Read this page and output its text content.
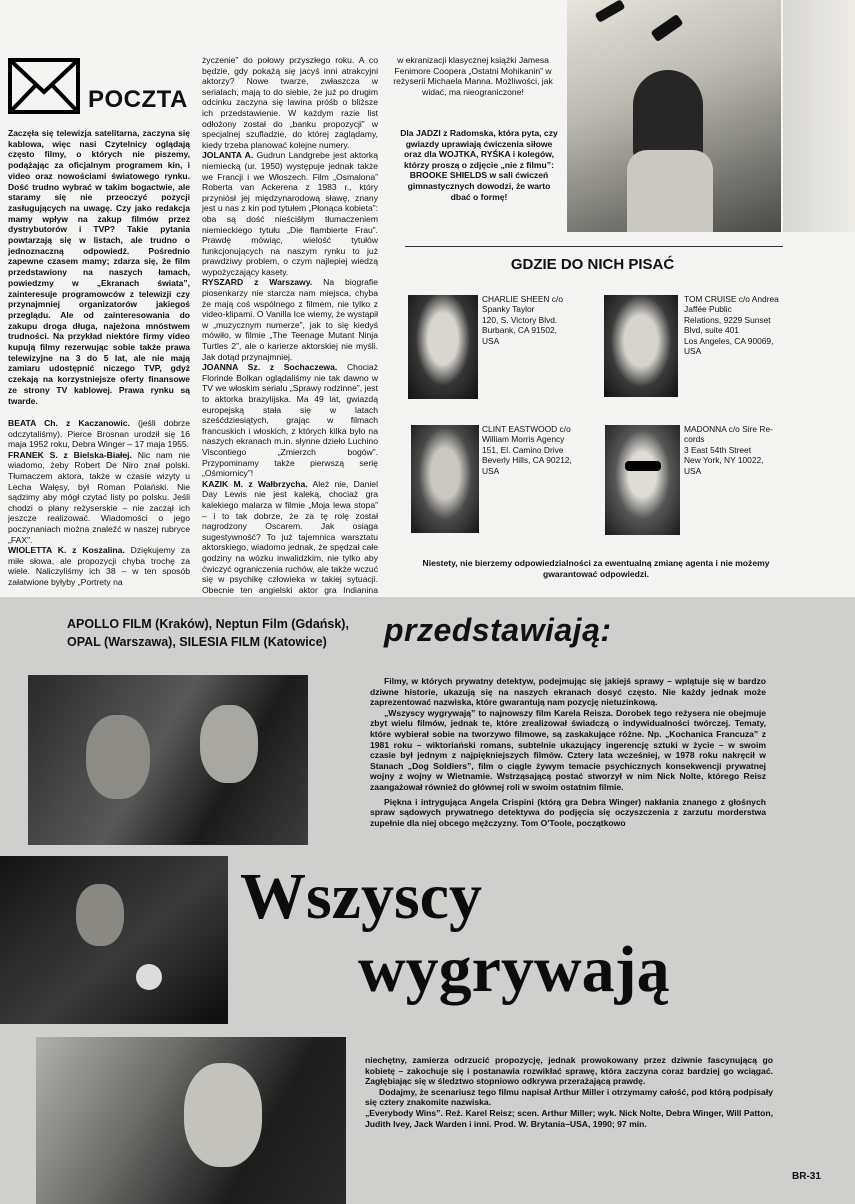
POCZTA

Zaczęła się telewizja satelitarna, zaczyna się kablowa, więc nasi Czytelnicy oglądają często filmy, o których nie piszemy, podążając za oficjalnym programem kin, i video oraz nowościami światowego rynku. Dość trudno wybrać w takim bogactwie, ale staramy się nie przeoczyć pozycji zasługujących na uwagę. Czy jako redakcja mamy wpływ na zakup filmów przez dystrybutorów i TVP? Takie pytania powtarzają się w listach, ale trudno o jednoznaczną odpowiedź. Pośrednio zapewne czasem mamy; zdarza się, że film przedstawiony na naszych łamach, powiedzmy w „Ekranach świata”, zainteresuje programowców z telewizji czy przynajmniej organizatorów jakiegoś przeglądu. Ale od zainteresowania do zakupu droga długa, najeżona mnóstwem trudności. Na przykład niektóre firmy video kupują filmy rezerwując sobie także prawa telewizyjne na 3 do 5 lat, ale nie mają zamiaru udostępnić niczego TVP, gdyż czekają na korzystniejsze oferty finansowe ze strony TV kablowej. Prawa rynku są twarde.

BEATA Ch. z Kaczanowic. (jeśli dobrze odczytaliśmy). Pierce Brosnan urodził się 16 maja 1952 roku, Debra Winger – 17 maja 1955.

FRANEK S. z Bielska-Białej. Nic nam nie wiadomo, żeby Robert De Niro znał polski. Tłumaczem aktora, także w czasie wizyty u Lecha Wałęsy, był Roman Polański. Nie sądzimy aby mógł czytać listy po polsku. Jeśli chodzi o plany reżyserskie – nie zaczął ich jeszcze realizować. Wiadomości o jego poczynaniach można znaleźć w naszej rubryce „FAX”.

WIOLETTA K. z Koszalina. Dziękujemy za miłe słowa, ale propozycji chyba trochę za wiele. Naliczyliśmy ich 38 – w ten sposób załatwione byłyby „Portrety na

życzenie” do połowy przyszłego roku. A co będzie, gdy pokażą się jacyś inni atrakcyjni aktorzy? Nowe twarze, zwłaszcza w serialach, mają to do siebie, że już po drugim odcinku zaczyna się lawina próśb o bliższe ich przedstawienie. W każdym razie list odłożony został do „banku propozycji” w specjalnej szufladzie, do której zaglądamy, kiedy trzeba planować kolejne numery.

JOLANTA A. Gudrun Landgrebe jest aktorką niemiecką (ur. 1950) występuje jednak także we Francji i we Włoszech. Film „Osmalona” Roberta van Ackerena z 1983 r., który przyniósł jej międzynarodową sławę, znany jest u nas z kin pod tytułem „Płonąca kobieta”: oba są dość nieściśłym tłumaczeniem niemieckiego tytułu „Die flambierte Frau”. Prawdę mówiąc, wielość tytułów funkcjonujących na naszym rynku to już prawdziwy problem, o czym najlepiej wiedzą wypożyczający kasety.

RYSZARD z Warszawy. Na biografie piosenkarzy nie starcza nam miejsca, chyba że mają coś wspólnego z filmem, nie tylko z video-klipami. O Vanilla Ice wiemy, że wystąpił w „muzycznym numerze”, jak to się kiedyś mówiło, w filmie „The Teenage Mutant Ninja Turtles 2”, ale o karierze aktorskiej nie myśli. Jak dotąd przynajmniej.

JOANNA Sz. z Sochaczewa. Chociaż Florinde Bolkan oglądaliśmy nie tak dawno w TV we włoskim serialu „Sprawy rodzinne”, jest to aktorka brazylijska. Ma 49 lat, gwiazdą europejską stała się w latach sześćdziesiątych, grając w filmach francuskich i włoskich, z których kilka było na naszych ekranach m.in. słynne dzieło Luchino Viscontiego „Zmierzch bogów”. Przypominamy także pierwszą serię „Ośmiornicy”!

KAZIK M. z Wałbrzycha. Ależ nie, Daniel Day Lewis nie jest kaleką, chociaż gra kalekiego malarza w filmie „Moja lewa stopa” – i to tak dobrze, że za tę rolę został nagrodzony Oscarem. Jak osiąga sugestywność? To już tajemnica warsztatu aktorskiego, wiadomo jednak, że spędzał całe godziny na wózku inwalidzkim, nie tylko aby ćwiczyć ograniczenia ruchów, ale także wczuć się w psychikę człowieka w takiej sytuacji. Obecnie ten angielski aktor gra Indianina

w ekranizacji klasycznej książki Jamesa Fenimore Coopera „Ostatni Mohikanin” w reżyserii Michaela Manna. Możliwości, jak widać, ma nieograniczone!

Dla JADZI z Radomska, która pyta, czy gwiazdy uprawiają ćwiczenia siłowe oraz dla WOJTKA, RYŚKA i kolegów, którzy proszą o zdjęcie „nie z filmu”: BROOKE SHIELDS w sali ćwiczeń gimnastycznych dowodzi, że warto dbać o formę!

GDZIE DO NICH PISAĆ
CHARLIE SHEEN c/o
Spanky Taylor
120, S. Victory Blvd.
Burbank, CA 91502,
USA
TOM CRUISE c/o Andrea Jaffée Public
Relations, 9229 Sunset
Blvd, suite 401
Los Angeles, CA 90069,
USA
CLINT EASTWOOD c/o
William Morris Agency
151, El. Camino Drive
Beverly Hills, CA 90212,
USA
MADONNA c/o Sire Re-
cords
3 East 54th Street
New York, NY 10022,
USA

Niestety, nie bierzemy odpowiedzialności za ewentualną zmianę agenta i nie możemy gwarantować odpowiedzi.

APOLLO FILM (Kraków), Neptun Film (Gdańsk),
OPAL (Warszawa), SILESIA FILM (Katowice) przedstawiają:

Filmy, w których prywatny detektyw, podejmując się jakiejś sprawy – wplątuje się w bardzo dziwne historie, ukazują się na naszych ekranach dosyć często. Nie każdy jednak może zaprezentować nazwiska, które gwarantują nam pozycję nietuzinkową.

„Wszyscy wygrywają” to najnowszy film Karela Reisza. Dorobek tego reżysera nie obejmuje zbyt wielu filmów, jednak te, które zrealizował świadczą o indywidualności twórczej. Tematy, które wybierał sobie na tworzywo filmowe, są zaskakujące różne. Np. „Kochanica Francuza” z 1981 roku – wiktoriański romans, subtelnie ukazujący ingerencję sztuki w życie – w swoim czasie był jednym z najpiękniejszych filmów. Cztery lata wcześniej, w 1978 roku nakręcił w Stanach „Dog Soldiers”, film o ciągle żywym temacie psychicznych konsekwencji prywatnej wojny z wojny w Wietnamie. Wstrząsającą postać stworzył w nim Nick Nolte, którego Reisz zaangażował również do głównej roli w swoim ostatnim filmie.

Piękna i intrygująca Angela Crispini (którą gra Debra Winger) nakłania znanego z głośnych spraw sądowych prywatnego detektywa do podjęcia się oczyszczenia z zarzutu morderstwa zupełnie dla niej obcego mężczyzny. Tom O'Toole, początkowo

Wszyscy
wygrywają

niechętny, zamierza odrzucić propozycję, jednak prowokowany przez dziwnie fascynującą go kobietę – zakochuje się i postanawia rozwikłać sprawę, która zaczyna coraz bardziej go wciągać. Zagłębiając się w śledztwo stopniowo odkrywa przerażającą prawdę.

Dodajmy, że scenariusz tego filmu napisał Arthur Miller i otrzymamy całość, pod którą podpisały się cztery znakomite nazwiska.

„Everybody Wins”. Reż. Karel Reisz; scen. Arthur Miller; wyk. Nick Nolte, Debra Winger, Will Patton, Judith Ivey, Jack Warden i inni. Prod. W. Brytania–USA, 1990; 97 min.

BR-31
